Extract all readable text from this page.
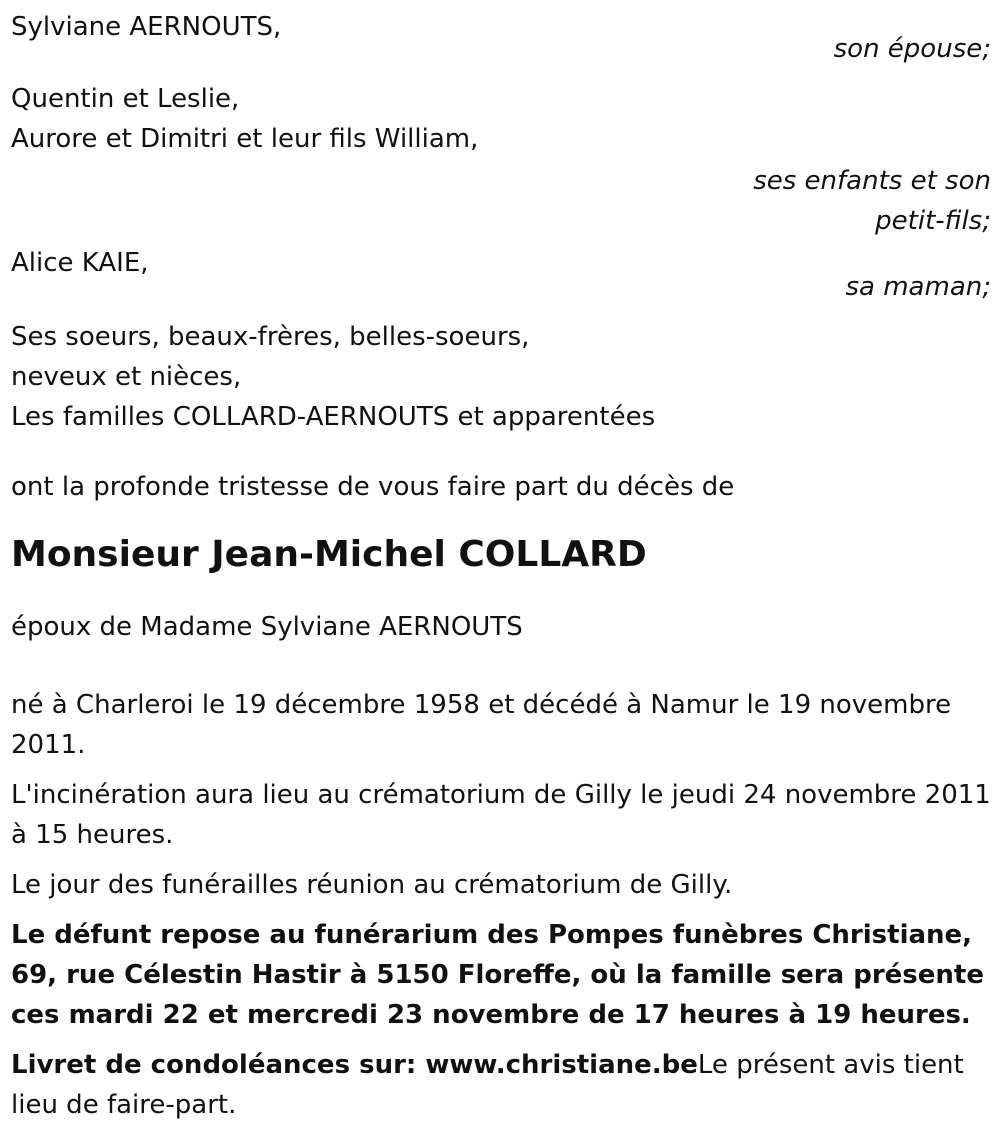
Sylviane AERNOUTS,
son épouse;
Quentin et Leslie,
Aurore et Dimitri et leur fils William,
ses enfants et son
petit-fils;
Alice KAIE,
sa maman;
Ses soeurs, beaux-frères, belles-soeurs,
neveux et nièces,
Les familles COLLARD-AERNOUTS et apparentées
ont la profonde tristesse de vous faire part du décès de
Monsieur Jean-Michel COLLARD
époux de Madame Sylviane AERNOUTS
né à Charleroi le 19 décembre 1958 et décédé à Namur le 19 novembre 2011.
L'incinération aura lieu au crématorium de Gilly le jeudi 24 novembre 2011 à 15 heures.
Le jour des funérailles réunion au crématorium de Gilly.
Le défunt repose au funérarium des Pompes funèbres Christiane, 69, rue Célestin Hastir à 5150 Floreffe, où la famille sera présente ces mardi 22 et mercredi 23 novembre de 17 heures à 19 heures.
Livret de condoléances sur: www.christiane.beLe présent avis tient lieu de faire-part.
